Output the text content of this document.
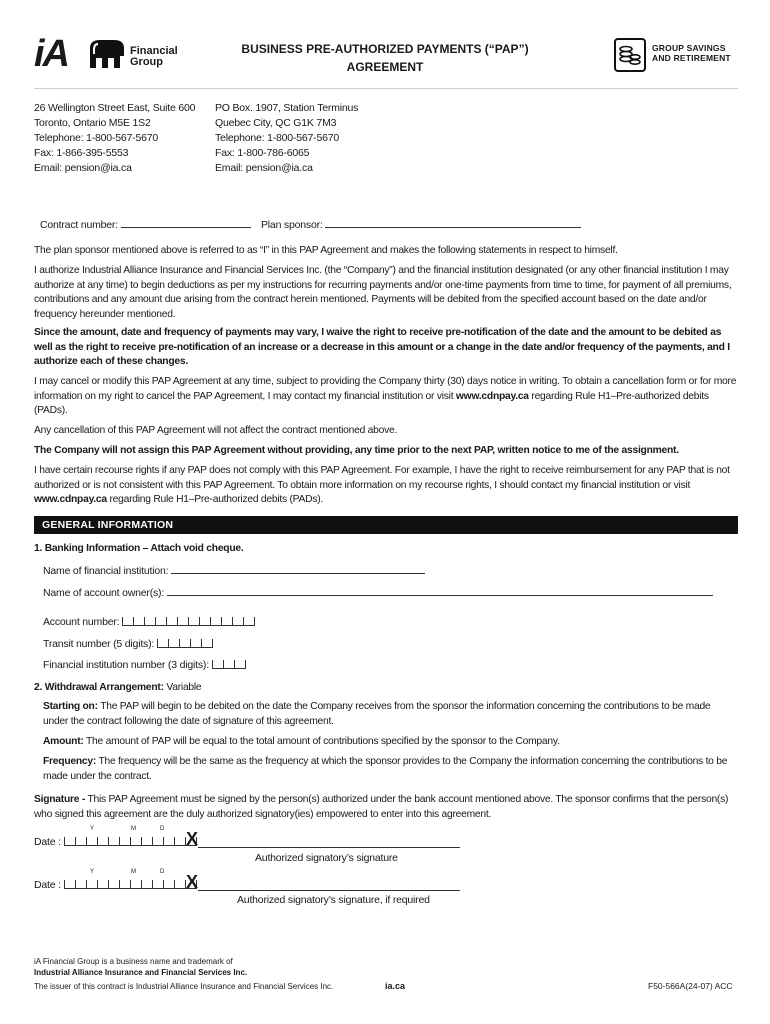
iA	Financial
Group
BUSINESS PRE-AUTHORIZED PAYMENTS (“PAP”)
AGREEMENT
GROUP SAVINGS
AND RETIREMENT
26 Wellington Street East, Suite 600
Toronto, Ontario M5E 1S2
Telephone: 1-800-567-5670
Fax: 1-866-395-5553
Email: pension@ia.ca
PO Box. 1907, Station Terminus
Quebec City, QC G1K 7M3
Telephone: 1-800-567-5670
Fax: 1-800-786-6065
Email: pension@ia.ca
Contract number:	Plan sponsor:
The plan sponsor mentioned above is referred to as “I” in this PAP Agreement and makes the following statements in respect to himself.
I authorize Industrial Alliance Insurance and Financial Services Inc. (the “Company”) and the financial institution designated (or any other financial institution I may authorize at any time) to begin deductions as per my instructions for recurring payments and/or one-time payments from time to time, for payment of all premiums, contributions and any amount due arising from the contract herein mentioned. Payments will be debited from the specified account based on the date and/or frequency hereunder mentioned.
Since the amount, date and frequency of payments may vary, I waive the right to receive pre-notification of the date and the amount to be debited as well as the right to receive pre-notification of an increase or a decrease in this amount or a change in the date and/or frequency of the payments, and I authorize each of these changes.
I may cancel or modify this PAP Agreement at any time, subject to providing the Company thirty (30) days notice in writing. To obtain a cancellation form or for more information on my right to cancel the PAP Agreement, I may contact my financial institution or visit www.cdnpay.ca regarding Rule H1–Pre-authorized debits (PADs).
Any cancellation of this PAP Agreement will not affect the contract mentioned above.
The Company will not assign this PAP Agreement without providing, any time prior to the next PAP, written notice to me of the assignment.
I have certain recourse rights if any PAP does not comply with this PAP Agreement. For example, I have the right to receive reimbursement for any PAP that is not authorized or is not consistent with this PAP Agreement. To obtain more information on my recourse rights, I should contact my financial institution or visit www.cdnpay.ca regarding Rule H1–Pre-authorized debits (PADs).
GENERAL INFORMATION
1. Banking Information – Attach void cheque.
Name of financial institution:
Name of account owner(s):
Account number:
Transit number (5 digits):
Financial institution number (3 digits):
2. Withdrawal Arrangement: Variable
Starting on: The PAP will begin to be debited on the date the Company receives from the sponsor the information concerning the contributions to be made under the contract following the date of signature of this agreement.
Amount: The amount of PAP will be equal to the total amount of contributions specified by the sponsor to the Company.
Frequency: The frequency will be the same as the frequency at which the sponsor provides to the Company the information concerning the contributions to be made under the contract.
Signature - This PAP Agreement must be signed by the person(s) authorized under the bank account mentioned above. The sponsor confirms that the person(s) who signed this agreement are the duly authorized signatory(ies) empowered to enter into this agreement.
Y	M	D
Date :	X
Authorized signatory’s signature
Y	M	D
Date :	X
Authorized signatory’s signature, if required
iA Financial Group is a business name and trademark of
Industrial Alliance Insurance and Financial Services Inc.
The issuer of this contract is Industrial Alliance Insurance and Financial Services Inc.	ia.ca	F50-566A(24-07) ACC
